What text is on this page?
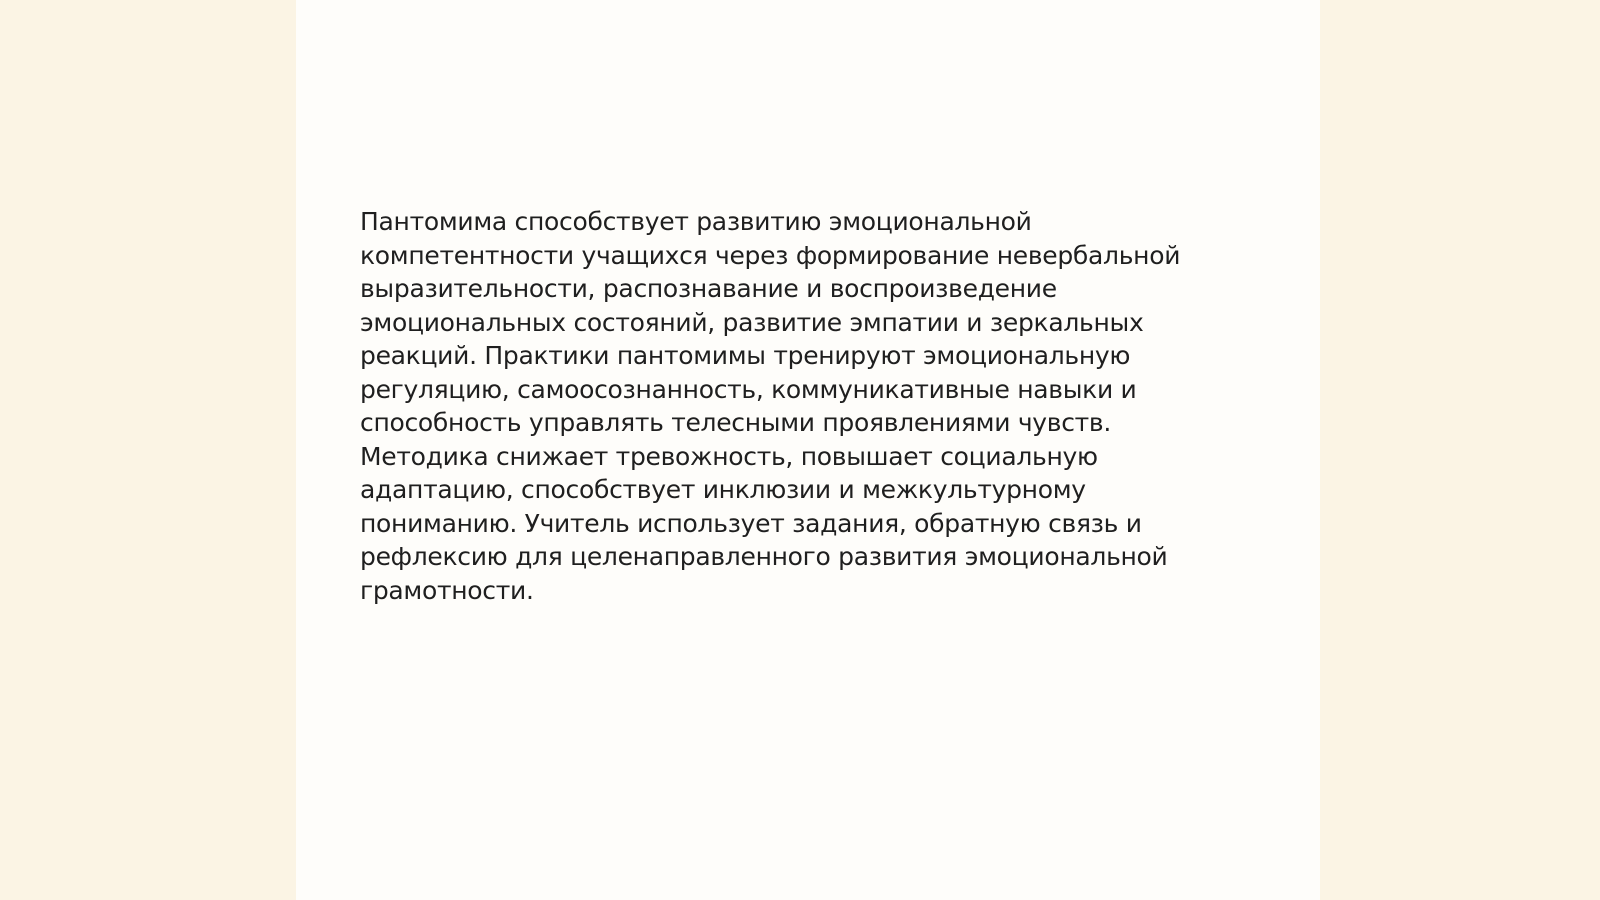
Пантомима способствует развитию эмоциональной
компетентности учащихся через формирование невербальной
выразительности, распознавание и воспроизведение
эмоциональных состояний, развитие эмпатии и зеркальных
реакций. Практики пантомимы тренируют эмоциональную
регуляцию, самоосознанность, коммуникативные навыки и
способность управлять телесными проявлениями чувств.
Методика снижает тревожность, повышает социальную
адаптацию, способствует инклюзии и межкультурному
пониманию. Учитель использует задания, обратную связь и
рефлексию для целенаправленного развития эмоциональной
грамотности.
